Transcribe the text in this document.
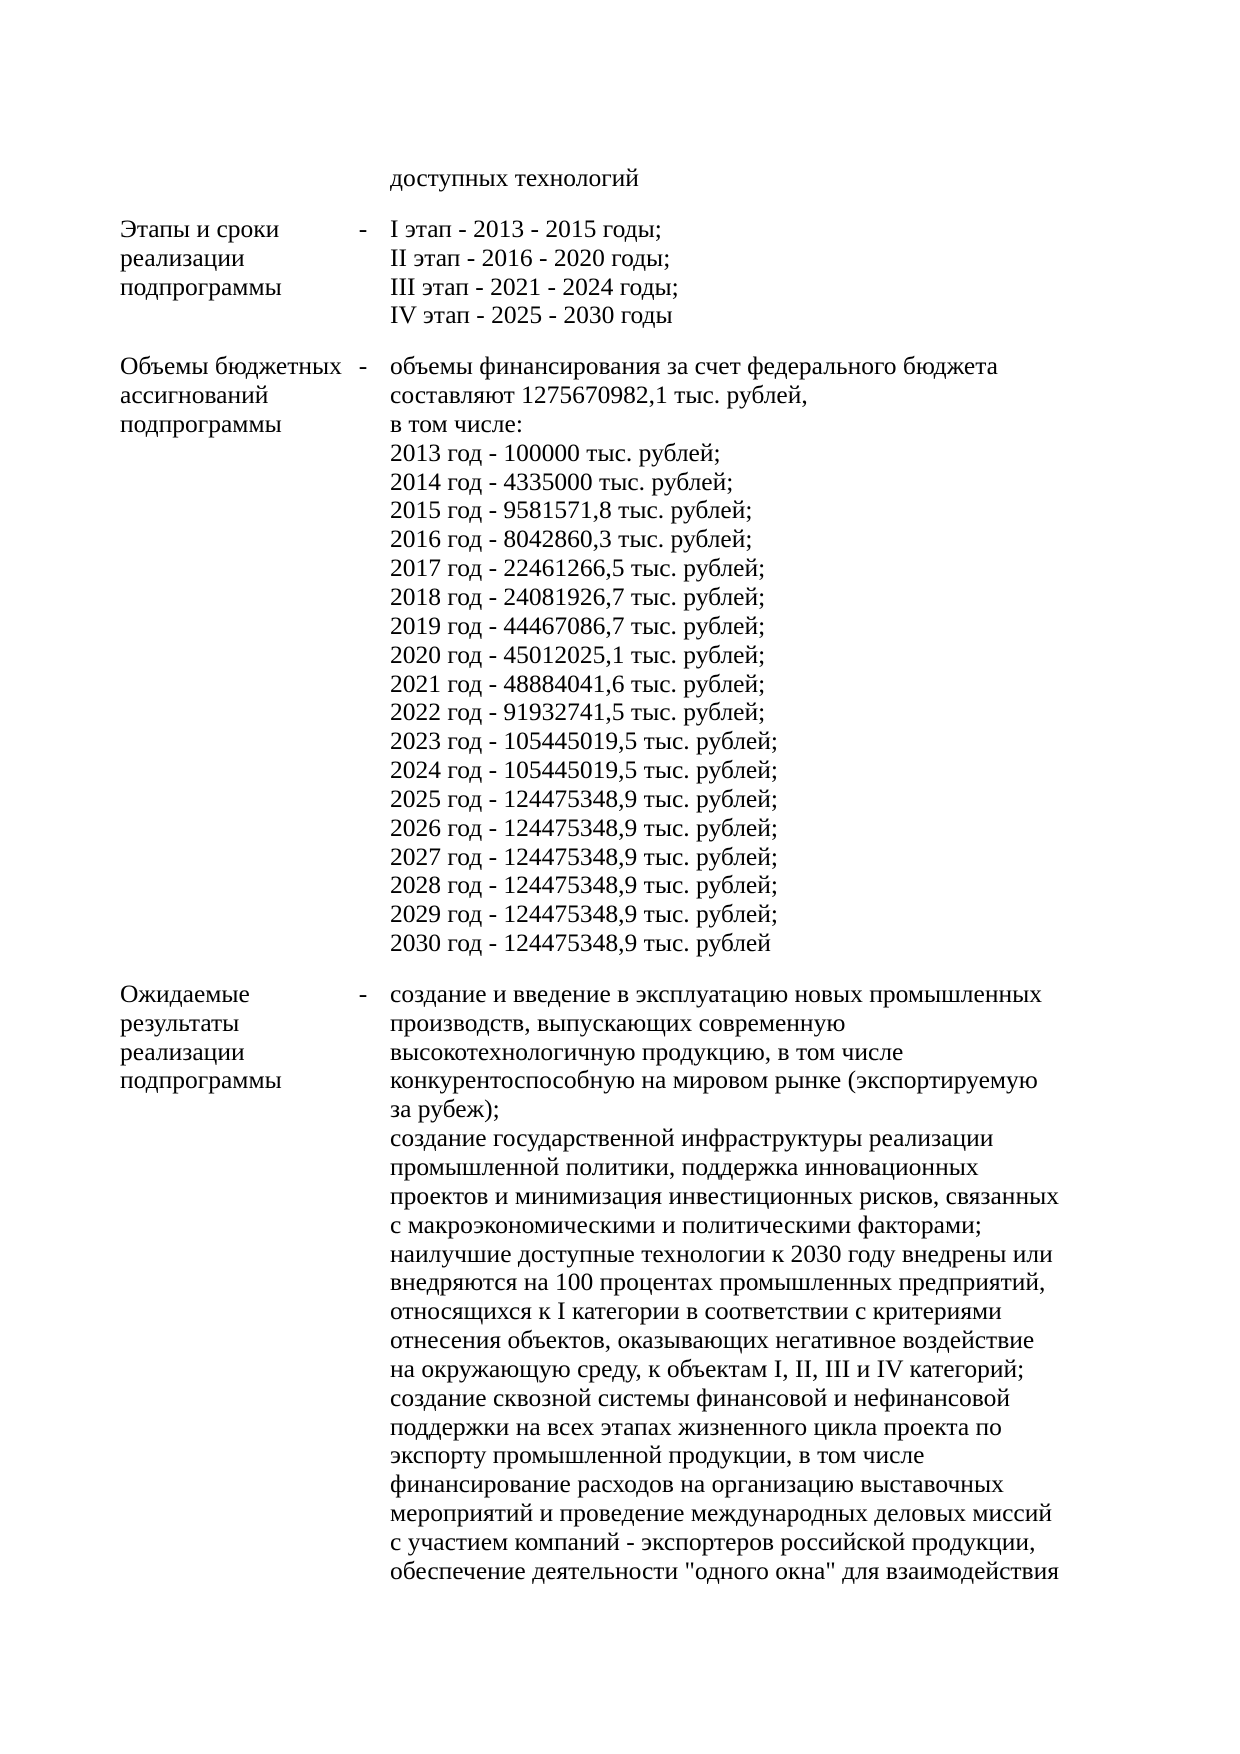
доступных технологий
Этапы и сроки
реализации
подпрограммы
- I этап - 2013 - 2015 годы;
II этап - 2016 - 2020 годы;
III этап - 2021 - 2024 годы;
IV этап - 2025 - 2030 годы
Объемы бюджетных
ассигнований
подпрограммы
- объемы финансирования за счет федерального бюджета
составляют 1275670982,1 тыс. рублей,
в том числе:
2013 год - 100000 тыс. рублей;
2014 год - 4335000 тыс. рублей;
2015 год - 9581571,8 тыс. рублей;
2016 год - 8042860,3 тыс. рублей;
2017 год - 22461266,5 тыс. рублей;
2018 год - 24081926,7 тыс. рублей;
2019 год - 44467086,7 тыс. рублей;
2020 год - 45012025,1 тыс. рублей;
2021 год - 48884041,6 тыс. рублей;
2022 год - 91932741,5 тыс. рублей;
2023 год - 105445019,5 тыс. рублей;
2024 год - 105445019,5 тыс. рублей;
2025 год - 124475348,9 тыс. рублей;
2026 год - 124475348,9 тыс. рублей;
2027 год - 124475348,9 тыс. рублей;
2028 год - 124475348,9 тыс. рублей;
2029 год - 124475348,9 тыс. рублей;
2030 год - 124475348,9 тыс. рублей
Ожидаемые
результаты
реализации
подпрограммы
- создание и введение в эксплуатацию новых промышленных
производств, выпускающих современную
высокотехнологичную продукцию, в том числе
конкурентоспособную на мировом рынке (экспортируемую
за рубеж);
создание государственной инфраструктуры реализации
промышленной политики, поддержка инновационных
проектов и минимизация инвестиционных рисков, связанных
с макроэкономическими и политическими факторами;
наилучшие доступные технологии к 2030 году внедрены или
внедряются на 100 процентах промышленных предприятий,
относящихся к I категории в соответствии с критериями
отнесения объектов, оказывающих негативное воздействие
на окружающую среду, к объектам I, II, III и IV категорий;
создание сквозной системы финансовой и нефинансовой
поддержки на всех этапах жизненного цикла проекта по
экспорту промышленной продукции, в том числе
финансирование расходов на организацию выставочных
мероприятий и проведение международных деловых миссий
с участием компаний - экспортеров российской продукции,
обеспечение деятельности "одного окна" для взаимодействия
